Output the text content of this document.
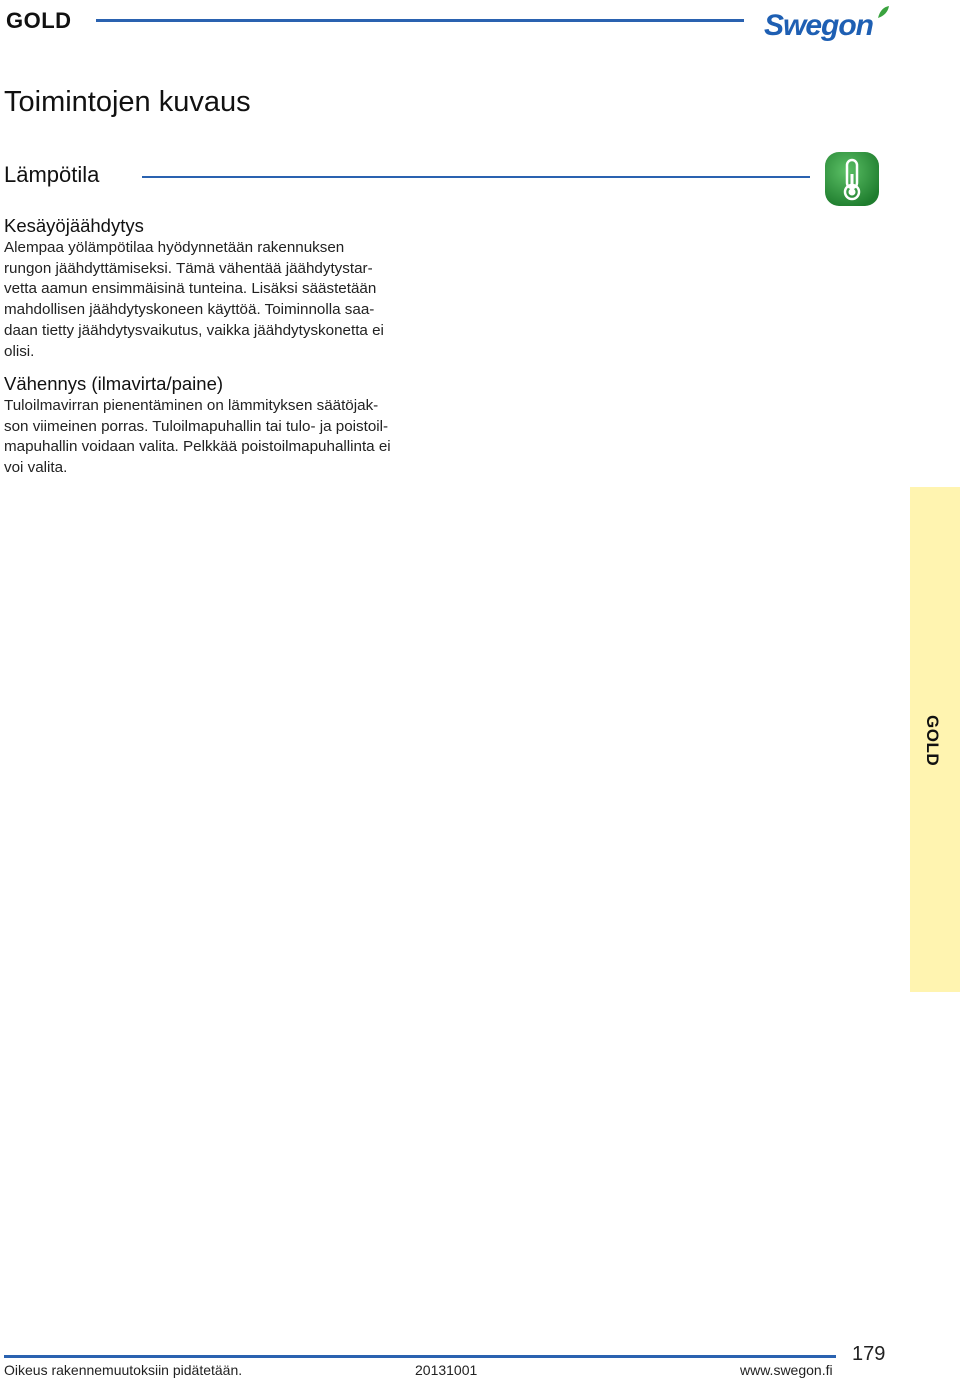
GOLD	Swegon
Toimintojen kuvaus
Lämpötila

Kesäyöjäähdytys

Alempaa yölämpötilaa hyödynnetään rakennuksen
rungon jäähdyttämiseksi. Tämä vähentää jäähdytystar-
vetta aamun ensimmäisinä tunteina. Lisäksi säästetään
mahdollisen jäähdytyskoneen käyttöä. Toiminnolla saa-
daan tietty jäähdytysvaikutus, vaikka jäähdytyskonetta ei
olisi.

Vähennys (ilmavirta/paine)

Tuloilmavirran pienentäminen on lämmityksen säätöjak-
son viimeinen porras. Tuloilmapuhallin tai tulo- ja poistoil-
mapuhallin voidaan valita. Pelkkää poistoilmapuhallinta ei
voi valita.

GOLD
Oikeus rakennemuutoksiin pidätetään.	20131001	www.swegon.fi
179
